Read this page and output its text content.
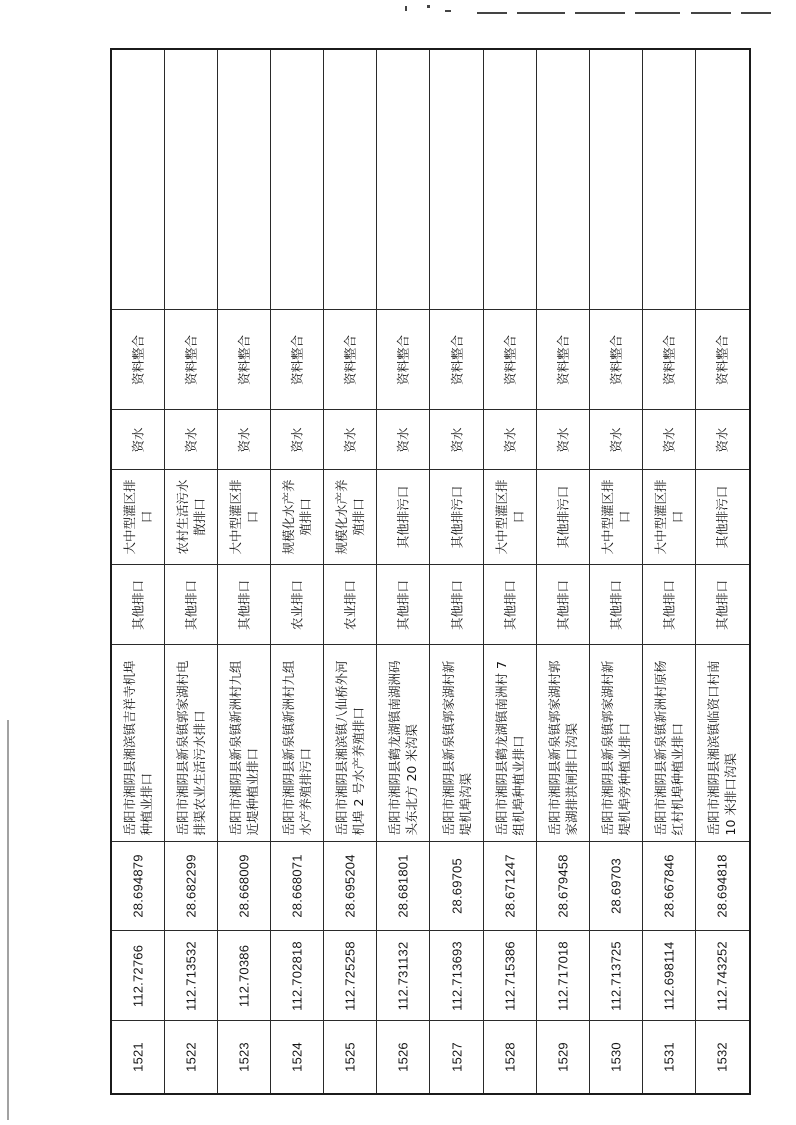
1521
112.72766
28.694879
岳阳市湘阴县湘滨镇吉祥寺机埠种植业排口
其他排口
大中型灌区排口
资水
资料整合
1522
112.713532
28.682299
岳阳市湘阴县新泉镇郭家湖村电排渠农业生活污水排口
其他排口
农村生活污水散排口
资水
资料整合
1523
112.70386
28.668009
岳阳市湘阴县新泉镇新洲村九组近堤种植业排口
其他排口
大中型灌区排口
资水
资料整合
1524
112.702818
28.668071
岳阳市湘阴县新泉镇新洲村九组水产养殖排污口
农业排口
规模化水产养殖排口
资水
资料整合
1525
112.725258
28.695204
岳阳市湘阴县湘滨镇八仙桥外河机埠 2 号水产养殖排口
农业排口
规模化水产养殖排口
资水
资料整合
1526
112.731132
28.681801
岳阳市湘阴县鹤龙湖镇南湖洲码头东北方 20 米沟渠
其他排口
其他排污口
资水
资料整合
1527
112.713693
28.69705
岳阳市湘阴县新泉镇郭家湖村新堤机埠沟渠
其他排口
其他排污口
资水
资料整合
1528
112.715386
28.671247
岳阳市湘阴县鹤龙湖镇南洲村 7 组机埠种植业排口
其他排口
大中型灌区排口
资水
资料整合
1529
112.717018
28.679458
岳阳市湘阴县新泉镇郭家湖村郭家湖排洪闸排口沟渠
其他排口
其他排污口
资水
资料整合
1530
112.713725
28.69703
岳阳市湘阴县新泉镇郭家湖村新堤机埠旁种植业排口
其他排口
大中型灌区排口
资水
资料整合
1531
112.698114
28.667846
岳阳市湘阴县新泉镇新洲村原杨红村机埠种植业排口
其他排口
大中型灌区排口
资水
资料整合
1532
112.743252
28.694818
岳阳市湘阴县湘滨镇临资口村南 10 米排口沟渠
其他排口
其他排污口
资水
资料整合
